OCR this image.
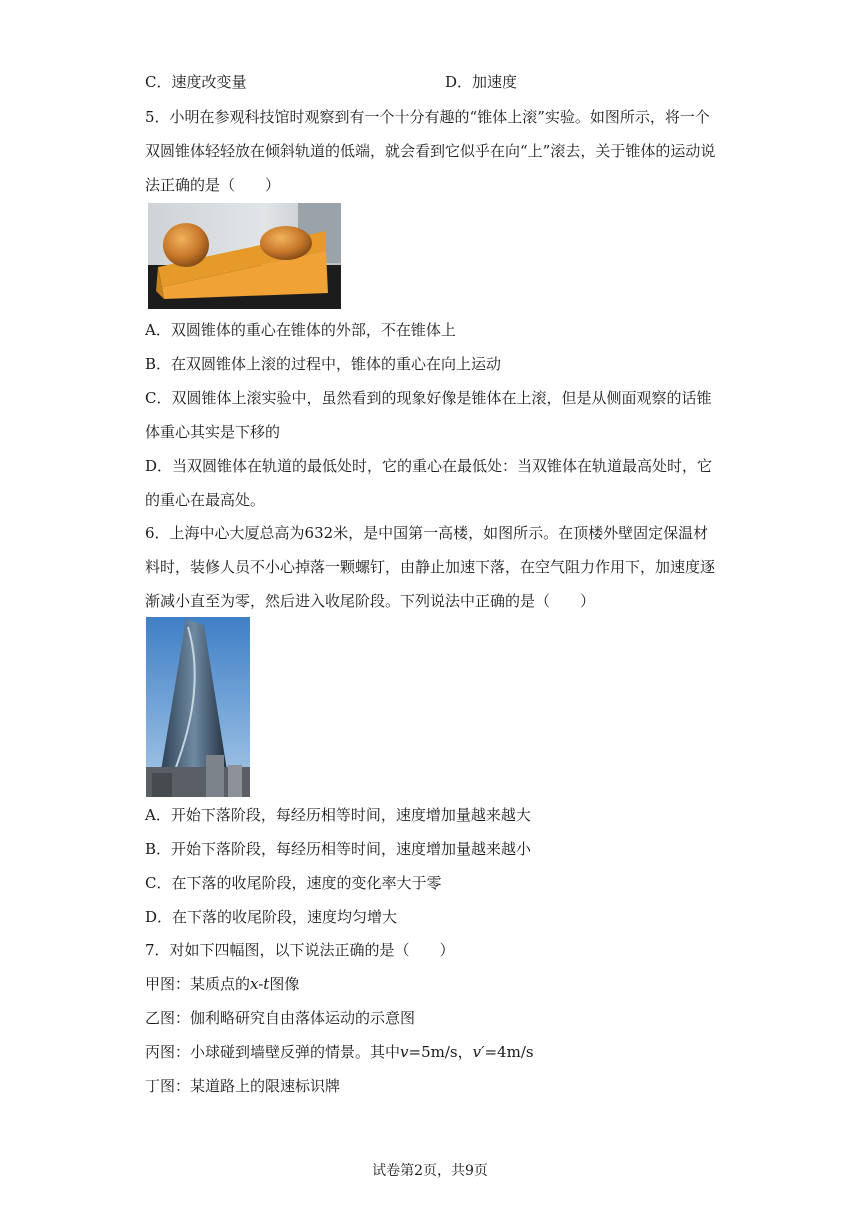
C．速度改变量	D．加速度
5．小明在参观科技馆时观察到有一个十分有趣的“锥体上滚”实验。如图所示，将一个
双圆锥体轻轻放在倾斜轨道的低端，就会看到它似乎在向“上”滚去，关于锥体的运动说
法正确的是（　　）
A．双圆锥体的重心在锥体的外部，不在锥体上
B．在双圆锥体上滚的过程中，锥体的重心在向上运动
C．双圆锥体上滚实验中，虽然看到的现象好像是锥体在上滚，但是从侧面观察的话锥
体重心其实是下移的
D．当双圆锥体在轨道的最低处时，它的重心在最低处：当双锥体在轨道最高处时，它
的重心在最高处。
6．上海中心大厦总高为632米，是中国第一高楼，如图所示。在顶楼外壁固定保温材
料时，装修人员不小心掉落一颗螺钉，由静止加速下落，在空气阻力作用下，加速度逐
渐减小直至为零，然后进入收尾阶段。下列说法中正确的是（　　）
A．开始下落阶段，每经历相等时间，速度增加量越来越大
B．开始下落阶段，每经历相等时间，速度增加量越来越小
C．在下落的收尾阶段，速度的变化率大于零
D．在下落的收尾阶段，速度均匀增大
7．对如下四幅图，以下说法正确的是（　　）
甲图：某质点的x-t图像
乙图：伽利略研究自由落体运动的示意图
丙图：小球碰到墙壁反弹的情景。其中v=5m/s，v′=4m/s
丁图：某道路上的限速标识牌
试卷第2页，共9页
